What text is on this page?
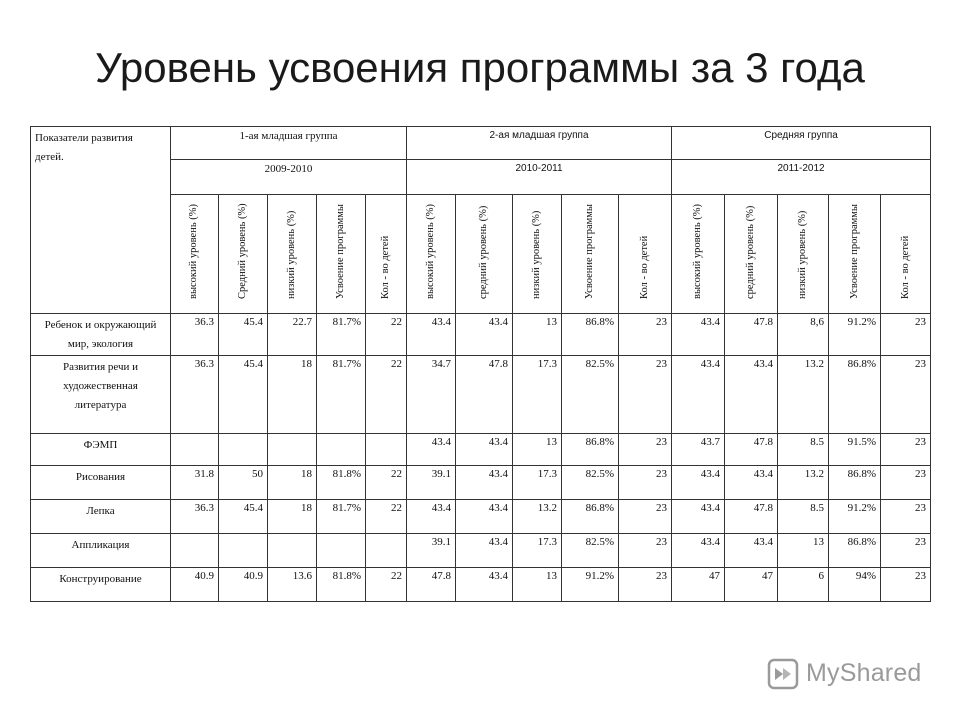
Уровень усвоения программы за 3 года
Показатели развития
детей.	1-ая младшая группа					2-ая младшая группа					Средняя группа				
	2009-2010					2010-2011					2011-2012				

	высокий уровень (%)	Средний уровень (%)	низкий уровень (%)	Усвоение программы	Кол - во детей	высокий уровень (%)	средний уровень (%)	низкий уровень (%)	Усвоение программы	Кол - во детей	высокий уровень (%)	средний уровень (%)	низкий уровень (%)	Усвоение программы	Кол - во детей

Ребенок и окружающий
мир, экология	36.3	45.4	22.7	81.7%	22	43.4	43.4	13	86.8%	23	43.4	47.8	8,6	91.2%	23

Развития речи и
художественная
литература	36.3	45.4	18	81.7%	22	34.7	47.8	17.3	82.5%	23	43.4	43.4	13.2	86.8%	23

ФЭМП						43.4	43.4	13	86.8%	23	43.7	47.8	8.5	91.5%	23

Рисования	31.8	50	18	81.8%	22	39.1	43.4	17.3	82.5%	23	43.4	43.4	13.2	86.8%	23

Лепка	36.3	45.4	18	81.7%	22	43.4	43.4	13.2	86.8%	23	43.4	47.8	8.5	91.2%	23

Аппликация						39.1	43.4	17.3	82.5%	23	43.4	43.4	13	86.8%	23

Конструирование	40.9	40.9	13.6	81.8%	22	47.8	43.4	13	91.2%	23	47	47	6	94%	23
MyShared
